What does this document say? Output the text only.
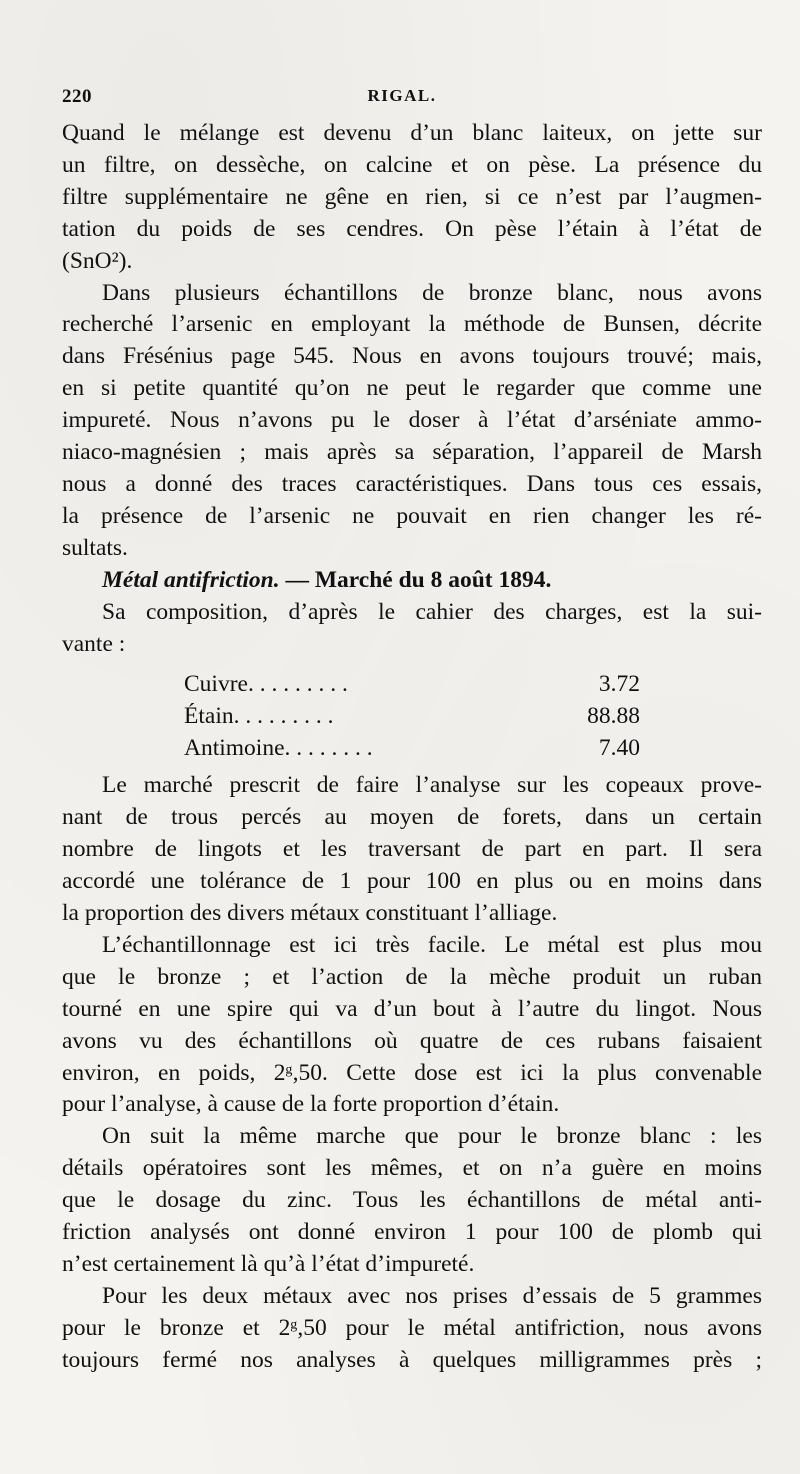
220	RIGAL.

Quand le mélange est devenu d’un blanc laiteux, on jette sur
un filtre, on dessèche, on calcine et on pèse. La présence du
filtre supplémentaire ne gêne en rien, si ce n’est par l’augmen-
tation du poids de ses cendres. On pèse l’étain à l’état de
(SnO²).

Dans plusieurs échantillons de bronze blanc, nous avons
recherché l’arsenic en employant la méthode de Bunsen, décrite
dans Frésénius page 545. Nous en avons toujours trouvé; mais,
en si petite quantité qu’on ne peut le regarder que comme une
impureté. Nous n’avons pu le doser à l’état d’arséniate ammo-
niaco-magnésien ; mais après sa séparation, l’appareil de Marsh
nous a donné des traces caractéristiques. Dans tous ces essais,
la présence de l’arsenic ne pouvait en rien changer les ré-
sultats.

Métal antifriction. — Marché du 8 août 1894.

Sa composition, d’après le cahier des charges, est la sui-
vante :

Cuivre. . . . . . . . .	3.72
Étain. . . . . . . . .	88.88
Antimoine. . . . . . . .	7.40

Le marché prescrit de faire l’analyse sur les copeaux prove-
nant de trous percés au moyen de forets, dans un certain
nombre de lingots et les traversant de part en part. Il sera
accordé une tolérance de 1 pour 100 en plus ou en moins dans
la proportion des divers métaux constituant l’alliage.

L’échantillonnage est ici très facile. Le métal est plus mou
que le bronze ; et l’action de la mèche produit un ruban
tourné en une spire qui va d’un bout à l’autre du lingot. Nous
avons vu des échantillons où quatre de ces rubans faisaient
environ, en poids, 2ᵍ,50. Cette dose est ici la plus convenable
pour l’analyse, à cause de la forte proportion d’étain.

On suit la même marche que pour le bronze blanc : les
détails opératoires sont les mêmes, et on n’a guère en moins
que le dosage du zinc. Tous les échantillons de métal anti-
friction analysés ont donné environ 1 pour 100 de plomb qui
n’est certainement là qu’à l’état d’impureté.

Pour les deux métaux avec nos prises d’essais de 5 grammes
pour le bronze et 2ᵍ,50 pour le métal antifriction, nous avons
toujours fermé nos analyses à quelques milligrammes près ;
